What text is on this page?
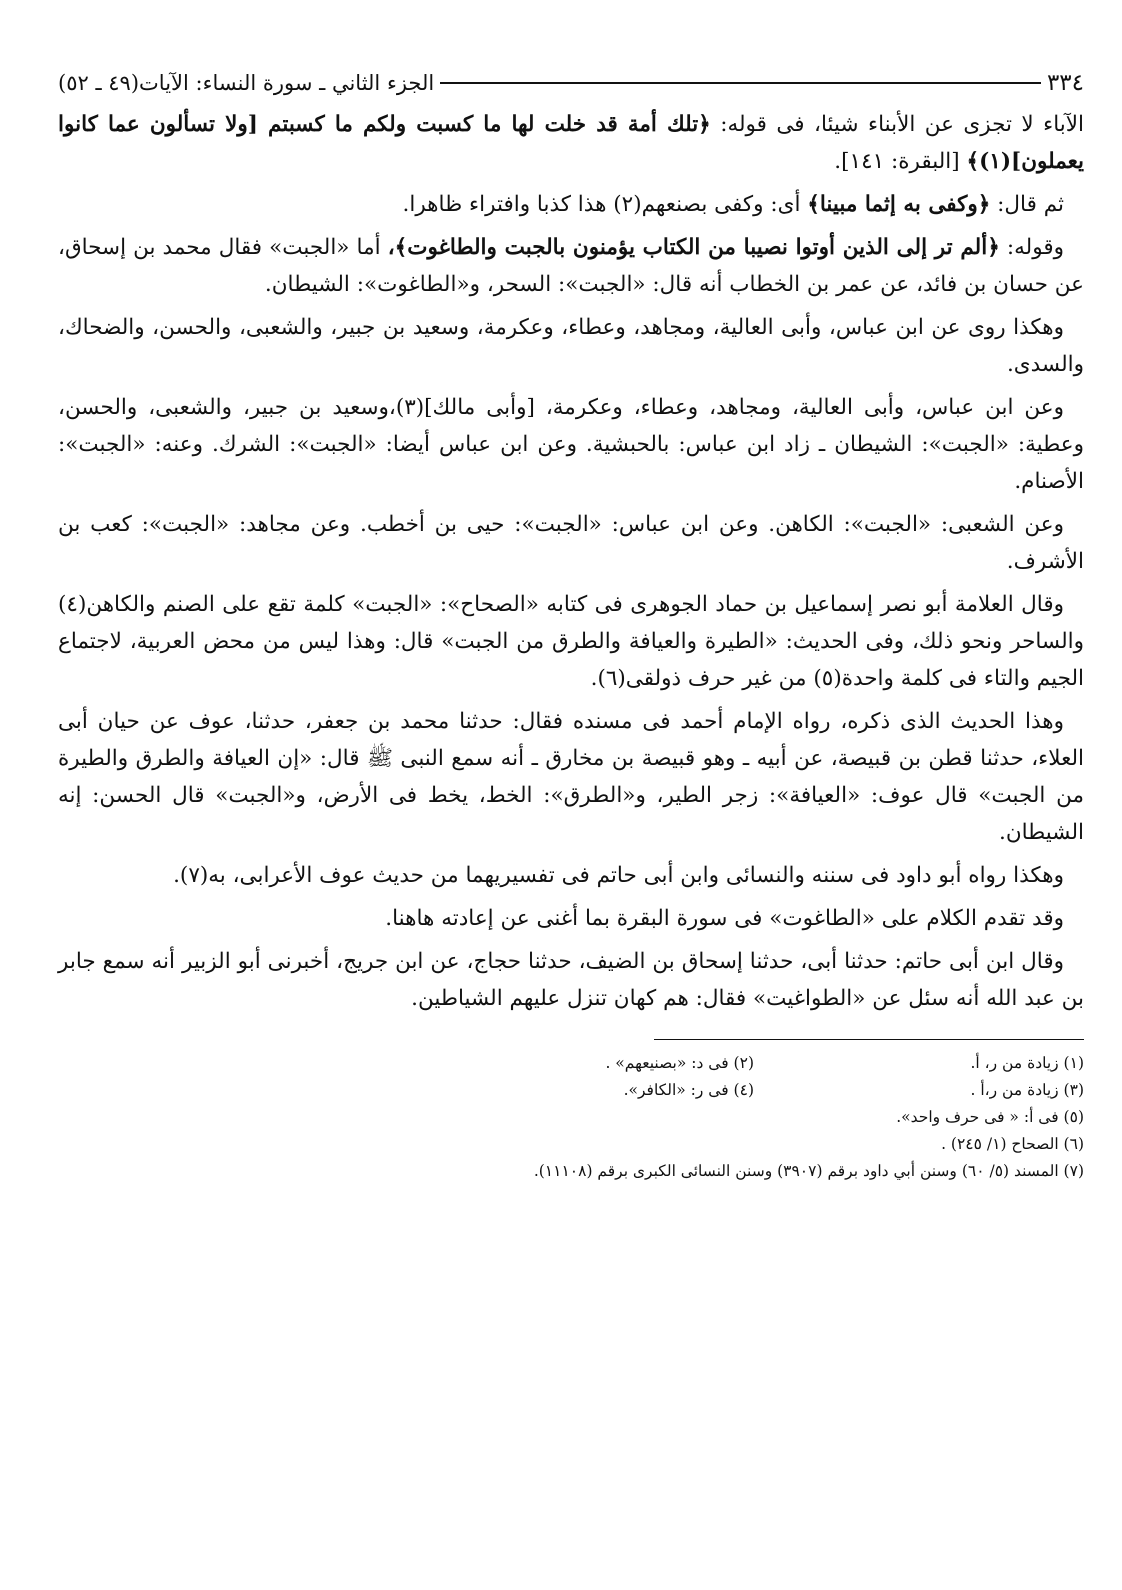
٣٣٤
الجزء الثاني ـ سورة النساء: الآيات(٤٩ ـ ٥٢)

الآباء لا تجزى عن الأبناء شيئا، فى قوله: ﴿تلك أمة قد خلت لها ما كسبت ولكم ما كسبتم [ولا تسألون عما كانوا يعملون](١)﴾ [البقرة: ١٤١].

ثم قال: ﴿وكفى به إثما مبينا﴾ أى: وكفى بصنعهم(٢) هذا كذبا وافتراء ظاهرا.

وقوله: ﴿ألم تر إلى الذين أوتوا نصيبا من الكتاب يؤمنون بالجبت والطاغوت﴾، أما «الجبت» فقال محمد بن إسحاق، عن حسان بن فائد، عن عمر بن الخطاب أنه قال: «الجبت»: السحر، و«الطاغوت»: الشيطان.

وهكذا روى عن ابن عباس، وأبى العالية، ومجاهد، وعطاء، وعكرمة، وسعيد بن جبير، والشعبى، والحسن، والضحاك، والسدى.

وعن ابن عباس، وأبى العالية، ومجاهد، وعطاء، وعكرمة، [وأبى مالك](٣)،وسعيد بن جبير، والشعبى، والحسن، وعطية: «الجبت»: الشيطان ـ زاد ابن عباس: بالحبشية. وعن ابن عباس أيضا: «الجبت»: الشرك. وعنه: «الجبت»: الأصنام.

وعن الشعبى: «الجبت»: الكاهن. وعن ابن عباس: «الجبت»: حيى بن أخطب. وعن مجاهد: «الجبت»: كعب بن الأشرف.

وقال العلامة أبو نصر إسماعيل بن حماد الجوهرى فى كتابه «الصحاح»: «الجبت» كلمة تقع على الصنم والكاهن(٤) والساحر ونحو ذلك، وفى الحديث: «الطيرة والعيافة والطرق من الجبت» قال: وهذا ليس من محض العربية، لاجتماع الجيم والتاء فى كلمة واحدة(٥) من غير حرف ذولقى(٦).

وهذا الحديث الذى ذكره، رواه الإمام أحمد فى مسنده فقال: حدثنا محمد بن جعفر، حدثنا، عوف عن حيان أبى العلاء، حدثنا قطن بن قبيصة، عن أبيه ـ وهو قبيصة بن مخارق ـ أنه سمع النبى ﷺ قال: «إن العيافة والطرق والطيرة من الجبت» قال عوف: «العيافة»: زجر الطير، و«الطرق»: الخط، يخط فى الأرض، و«الجبت» قال الحسن: إنه الشيطان.

وهكذا رواه أبو داود فى سننه والنسائى وابن أبى حاتم فى تفسيريهما من حديث عوف الأعرابى، به(٧).

وقد تقدم الكلام على «الطاغوت» فى سورة البقرة بما أغنى عن إعادته هاهنا.

وقال ابن أبى حاتم: حدثنا أبى، حدثنا إسحاق بن الضيف، حدثنا حجاج، عن ابن جريج، أخبرنى أبو الزبير أنه سمع جابر بن عبد الله أنه سئل عن «الطواغيت» فقال: هم كهان تنزل عليهم الشياطين.

(١) زيادة من ر، أ.
(٢) فى د: «بصنيعهم» .
(٣) زيادة من ر،أ .
(٤) فى ر: «الكافر».
(٥) فى أ: « فى حرف واحد».
(٦) الصحاح (١/ ٢٤٥) .
(٧) المسند (٥/ ٦٠) وسنن أبي داود برقم (٣٩٠٧) وسنن النسائى الكبرى برقم (١١١٠٨).
